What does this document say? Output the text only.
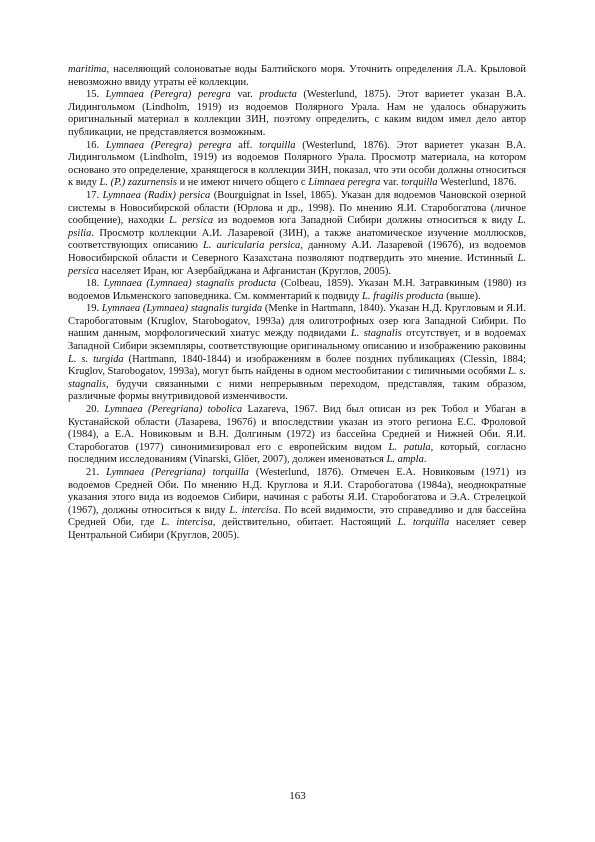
maritima, населяющий солоноватые воды Балтийского моря. Уточнить определения Л.А. Крыловой невозможно ввиду утраты её коллекции.

15. Lymnaea (Peregra) peregra var. producta (Westerlund, 1875). Этот вариетет указан В.А. Лидингольмом (Lindholm, 1919) из водоемов Полярного Урала. Нам не удалось обнаружить оригинальный материал в коллекции ЗИН, поэтому определить, с каким видом имел дело автор публикации, не представляется возможным.

16. Lymnaea (Peregra) peregra aff. torquilla (Westerlund, 1876). Этот вариетет указан В.А. Лидингольмом (Lindholm, 1919) из водоемов Полярного Урала. Просмотр материала, на котором основано это определение, хранящегося в коллекции ЗИН, показал, что эти особи должны относиться к виду L. (P.) zazurnensis и не имеют ничего общего с Limnaea peregra var. torquilla Westerlund, 1876.

17. Lymnaea (Radix) persica (Bourguignat in Issel, 1865). Указан для водоемов Чановской озерной системы в Новосибирской области (Юрлова и др., 1998). По мнению Я.И. Старобогатова (личное сообщение), находки L. persica из водоемов юга Западной Сибири должны относиться к виду L. psilia. Просмотр коллекции А.И. Лазаревой (ЗИН), а также анатомическое изучение моллюсков, соответствующих описанию L. auricularia persica, данному А.И. Лазаревой (1967б), из водоемов Новосибирской области и Северного Казахстана позволяют подтвердить это мнение. Истинный L. persica населяет Иран, юг Азербайджана и Афганистан (Круглов, 2005).

18. Lymnaea (Lymnaea) stagnalis producta (Colbeau, 1859). Указан М.Н. Затравкиным (1980) из водоемов Ильменского заповедника. См. комментарий к подвиду L. fragilis producta (выше).

19. Lymnaea (Lymnaea) stagnalis turgida (Menke in Hartmann, 1840). Указан Н.Д. Кругловым и Я.И. Старобогатовым (Kruglov, Starobogatov, 1993a) для олиготрофных озер юга Западной Сибири. По нашим данным, морфологический хиатус между подвидами L. stagnalis отсутствует, и в водоемах Западной Сибири экземпляры, соответствующие оригинальному описанию и изображению раковины L. s. turgida (Hartmann, 1840-1844) и изображениям в более поздних публикациях (Clessin, 1884; Kruglov, Starobogatov, 1993a), могут быть найдены в одном местообитании с типичными особями L. s. stagnalis, будучи связанными с ними непрерывным переходом, представляя, таким образом, различные формы внутривидовой изменчивости.

20. Lymnaea (Peregriana) tobolica Lazareva, 1967. Вид был описан из рек Тобол и Убаган в Кустанайской области (Лазарева, 1967б) и впоследствии указан из этого региона Е.С. Фроловой (1984), а Е.А. Новиковым и В.Н. Долгиным (1972) из бассейна Средней и Нижней Оби. Я.И. Старобогатов (1977) синонимизировал его с европейским видом L. patula, который, согласно последним исследованиям (Vinarski, Glöer, 2007), должен именоваться L. ampla.

21. Lymnaea (Peregriana) torquilla (Westerlund, 1876). Отмечен Е.А. Новиковым (1971) из водоемов Средней Оби. По мнению Н.Д. Круглова и Я.И. Старобогатова (1984a), неоднократные указания этого вида из водоемов Сибири, начиная с работы Я.И. Старобогатова и Э.А. Стрелецкой (1967), должны относиться к виду L. intercisa. По всей видимости, это справедливо и для бассейна Средней Оби, где L. intercisa, действительно, обитает. Настоящий L. torquilla населяет север Центральной Сибири (Круглов, 2005).

163
